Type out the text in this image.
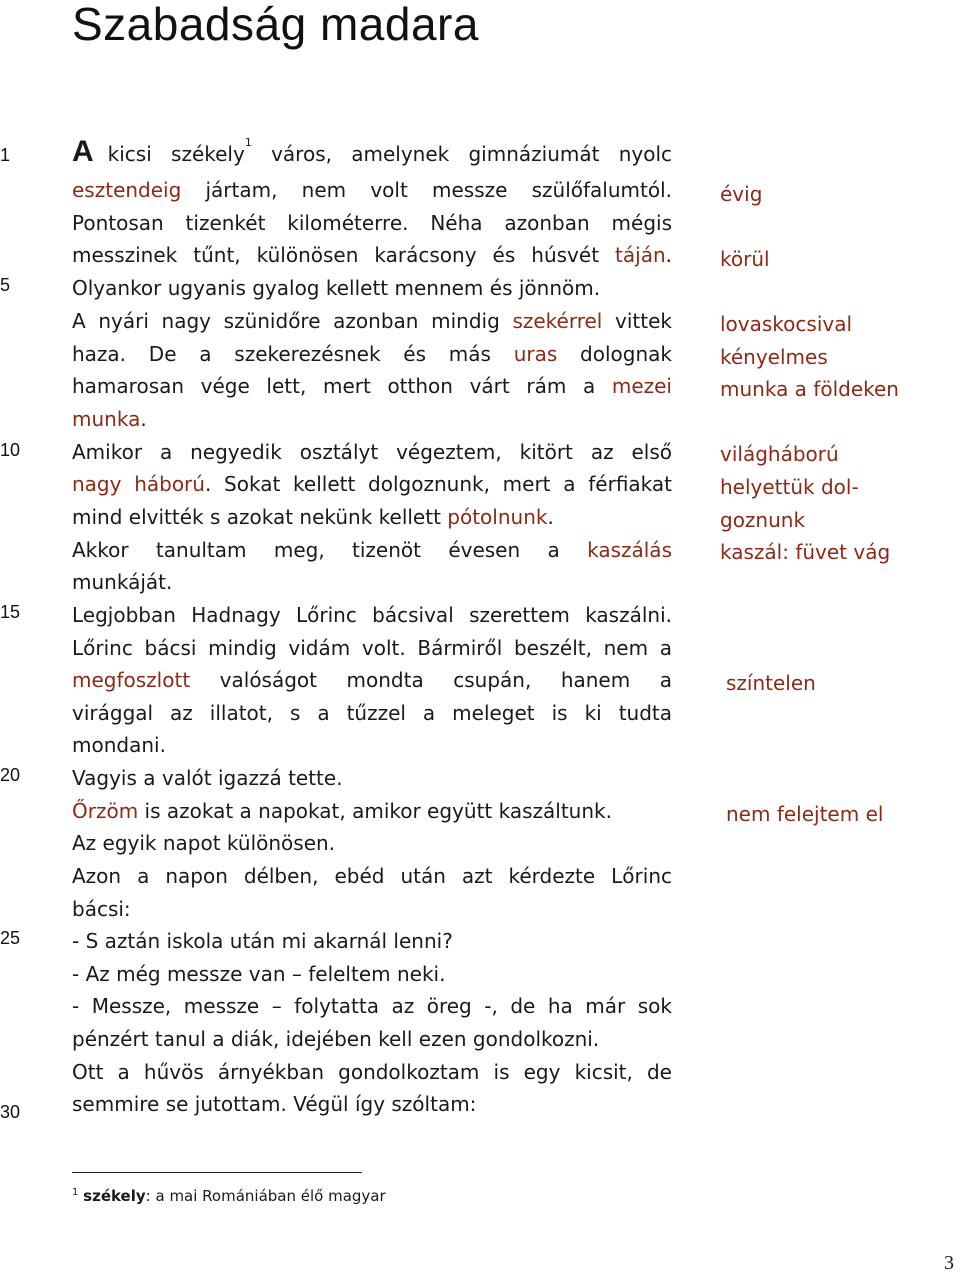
Szabadság madara
1
5
10
15
20
25
30
Akicsi székely$^1$ város, amelynek gimnáziumát nyolc
esztendeig jártam, nem volt messze szülőfalumtól.
Pontosan tizenkét kilométerre. Néha azonban mégis
messzinek tűnt, különösen karácsony és húsvét táján.
Olyankor ugyanis gyalog kellett mennem és jönnöm.
A nyári nagy szünidőre azonban mindig szekérrel vittek
haza. De a szekerezésnek és más uras dolognak
hamarosan vége lett, mert otthon várt rám a mezei
munka.
Amikor a negyedik osztályt végeztem, kitört az első
nagy háború. Sokat kellett dolgoznunk, mert a férfiakat
mind elvitték s azokat nekünk kellett pótolnunk.
Akkor tanultam meg, tizenöt évesen a kaszálás
munkáját.
Legjobban Hadnagy Lőrinc bácsival szerettem kaszálni.
Lőrinc bácsi mindig vidám volt. Bármiről beszélt, nem a
megfoszlott valóságot mondta csupán, hanem a
virággal az illatot, s a tűzzel a meleget is ki tudta
mondani.
Vagyis a valót igazzá tette.
Őrzöm is azokat a napokat, amikor együtt kaszáltunk.
Az egyik napot különösen.
Azon a napon délben, ebéd után azt kérdezte Lőrinc
bácsi:
- S aztán iskola után mi akarnál lenni?
- Az még messze van – feleltem neki.
- Messze, messze – folytatta az öreg -, de ha már sok
pénzért tanul a diák, idejében kell ezen gondolkozni.
Ott a hűvös árnyékban gondolkoztam is egy kicsit, de
semmire se jutottam. Végül így szóltam:
évig
körül
lovaskocsival
kényelmes
munka a földeken
világháború
helyettük dol-
goznunk
kaszál: füvet vág
színtelen
nem felejtem el
$^1$ székely: a mai Romániában élő magyar
3
